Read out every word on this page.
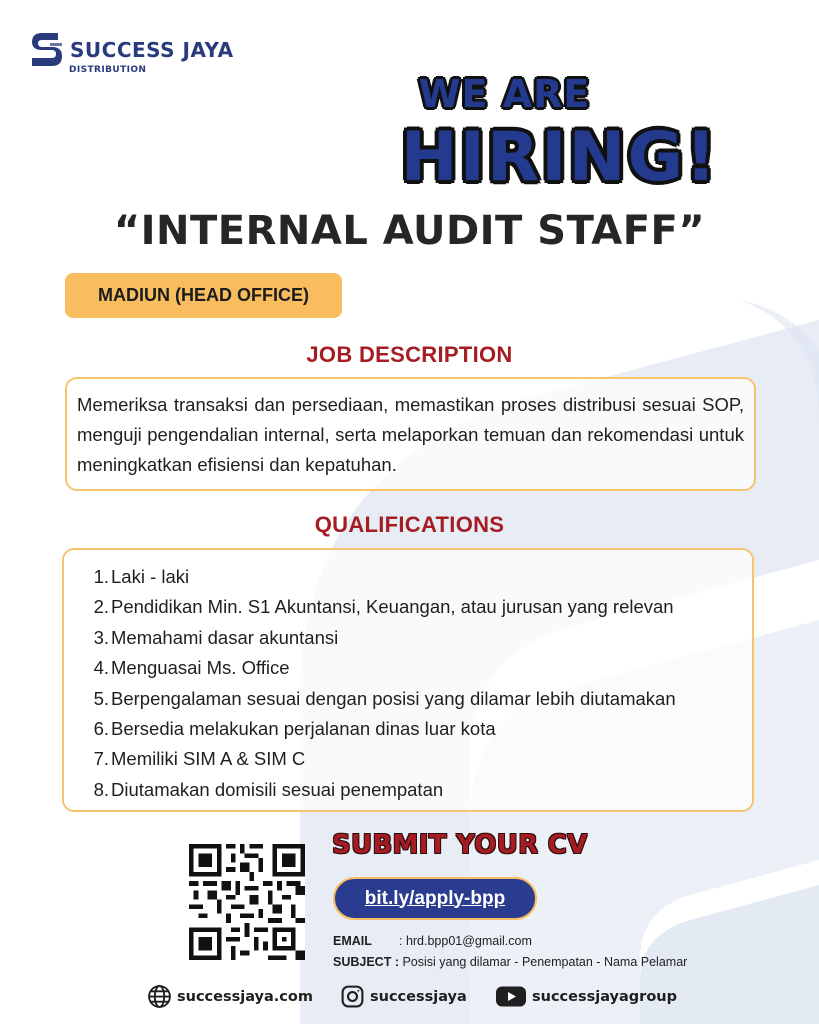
SUCCESS JAYA
DISTRIBUTION
WE ARE
HIRING!
“INTERNAL AUDIT STAFF”
MADIUN (HEAD OFFICE)
JOB DESCRIPTION

Memeriksa transaksi dan persediaan, memastikan proses distribusi sesuai SOP, menguji pengendalian internal, serta melaporkan temuan dan rekomendasi untuk meningkatkan efisiensi dan kepatuhan.

QUALIFICATIONS
1. Laki - laki
2. Pendidikan Min. S1 Akuntansi, Keuangan, atau jurusan yang relevan
3. Memahami dasar akuntansi
4. Menguasai Ms. Office
5. Berpengalaman sesuai dengan posisi yang dilamar lebih diutamakan
6. Bersedia melakukan perjalanan dinas luar kota
7. Memiliki SIM A & SIM C
8. Diutamakan domisili sesuai penempatan
SUBMIT YOUR CV
bit.ly/apply-bpp
EMAIL	: hrd.bpp01@gmail.com
SUBJECT : Posisi yang dilamar - Penempatan - Nama Pelamar
successjaya.com	successjaya	successjayagroup
